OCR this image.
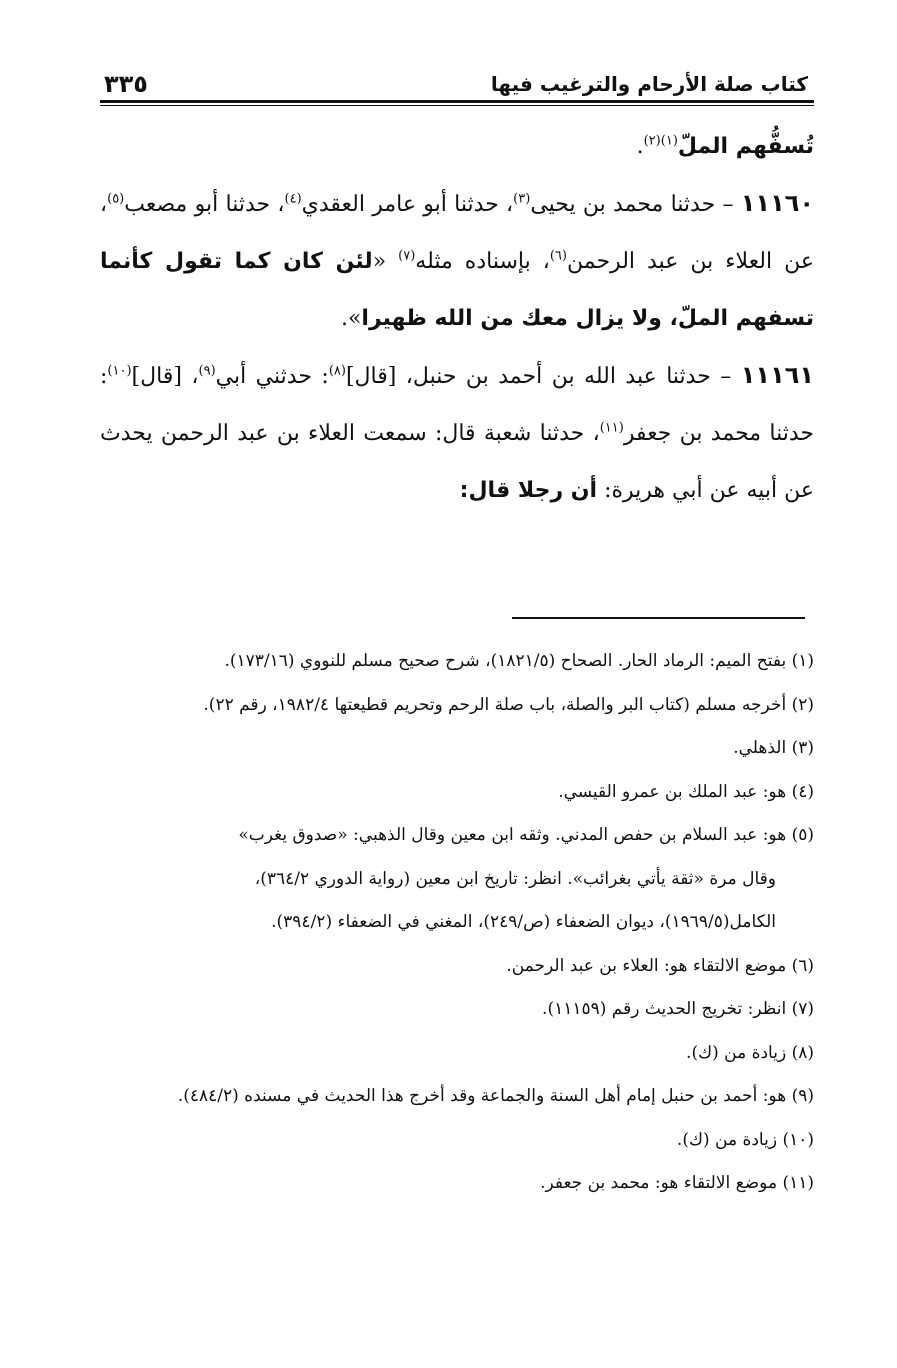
كتاب صلة الأرحام والترغيب فيها
٣٣٥

تُسفُّهم الملّ$^{(١)(٢)}$.

١١١٦٠ – حدثنا محمد بن يحيى$^{(٣)}$، حدثنا أبو عامر العقدي$^{(٤)}$، حدثنا أبو مصعب$^{(٥)}$، عن العلاء بن عبد الرحمن$^{(٦)}$، بإسناده مثله$^{(٧)}$ «لئن كان كما تقول كأنما تسفهم الملّ، ولا يزال معك من الله ظهيرا».

١١١٦١ – حدثنا عبد الله بن أحمد بن حنبل، [قال]$^{(٨)}$: حدثني أبي$^{(٩)}$، [قال]$^{(١٠)}$: حدثنا محمد بن جعفر$^{(١١)}$، حدثنا شعبة قال: سمعت العلاء بن عبد الرحمن يحدث عن أبيه عن أبي هريرة: أن رجلا قال:

(١) بفتح الميم: الرماد الحار. الصحاح (١٨٢١/٥)، شرح صحيح مسلم للنووي (١٧٣/١٦).

(٢) أخرجه مسلم (كتاب البر والصلة، باب صلة الرحم وتحريم قطيعتها ١٩٨٢/٤، رقم ٢٢).

(٣) الذهلي.

(٤) هو: عبد الملك بن عمرو القيسي.

(٥) هو: عبد السلام بن حفص المدني. وثقه ابن معين وقال الذهبي: «صدوق يغرب»

وقال مرة «ثقة يأتي بغرائب». انظر: تاريخ ابن معين (رواية الدوري ٣٦٤/٢)،

الكامل(١٩٦٩/٥)، ديوان الضعفاء (ص/٢٤٩)، المغني في الضعفاء (٣٩٤/٢).

(٦) موضع الالتقاء هو: العلاء بن عبد الرحمن.

(٧) انظر: تخريج الحديث رقم (١١١٥٩).

(٨) زيادة من (ك).

(٩) هو: أحمد بن حنبل إمام أهل السنة والجماعة وقد أخرج هذا الحديث في مسنده (٤٨٤/٢).

(١٠) زيادة من (ك).

(١١) موضع الالتقاء هو: محمد بن جعفر.
